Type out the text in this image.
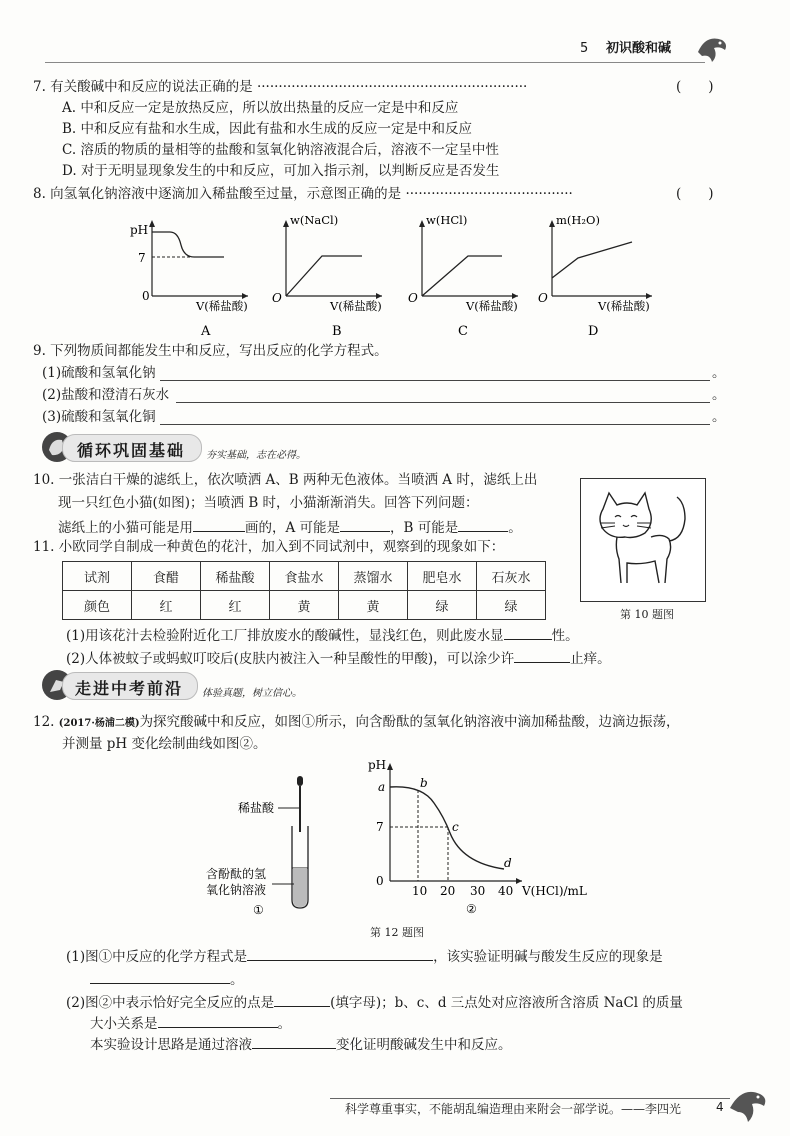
5 初识酸和碱
7. 有关酸碱中和反应的说法正确的是 ·······························································	(　　)
A. 中和反应一定是放热反应，所以放出热量的反应一定是中和反应
B. 中和反应有盐和水生成，因此有盐和水生成的反应一定是中和反应
C. 溶质的物质的量相等的盐酸和氢氧化钠溶液混合后，溶液不一定呈中性
D. 对于无明显现象发生的中和反应，可加入指示剂，以判断反应是否发生
8. 向氢氧化钠溶液中逐滴加入稀盐酸至过量，示意图正确的是 ·······································	(　　)
pH
7
0
V(稀盐酸)
A
w(NaCl)
O
V(稀盐酸)
B
w(HCl)
O
V(稀盐酸)
C
m(H₂O)
O
V(稀盐酸)
D
9. 下列物质间都能发生中和反应，写出反应的化学方程式。
(1)硫酸和氢氧化钠	。
(2)盐酸和澄清石灰水	。
(3)硫酸和氢氧化铜	。
循环巩固基础 夯实基础，志在必得。
10. 一张洁白干燥的滤纸上，依次喷洒 A、B 两种无色液体。当喷洒 A 时，滤纸上出
现一只红色小猫(如图)；当喷洒 B 时，小猫渐渐消失。回答下列问题：
滤纸上的小猫可能是用	画的，A 可能是	，B 可能是	。
第 10 题图
11. 小欧同学自制成一种黄色的花汁，加入到不同试剂中，观察到的现象如下：
试剂	食醋	稀盐酸	食盐水	蒸馏水	肥皂水	石灰水
颜色	红	红	黄	黄	绿	绿
(1)用该花汁去检验附近化工厂排放废水的酸碱性，显浅红色，则此废水显	性。
(2)人体被蚊子或蚂蚁叮咬后(皮肤内被注入一种呈酸性的甲酸)，可以涂少许	止痒。
走进中考前沿 体验真题，树立信心。
12. (2017·杨浦二模)为探究酸碱中和反应，如图①所示，向含酚酞的氢氧化钠溶液中滴加稀盐酸，边滴边振荡，
并测量 pH 变化绘制曲线如图②。
稀盐酸
含酚酞的氢
氧化钠溶液
①
pH
7
0
10 20 30 40 V(HCl)/mL
a	b
c
d
②
第 12 题图
(1)图①中反应的化学方程式是	，该实验证明碱与酸发生反应的现象是
。
(2)图②中表示恰好完全反应的点是	(填字母)；b、c、d 三点处对应溶液所含溶质 NaCl 的质量
大小关系是	。
本实验设计思路是通过溶液	变化证明酸碱发生中和反应。
科学尊重事实，不能胡乱编造理由来附会一部学说。——李四光	4
